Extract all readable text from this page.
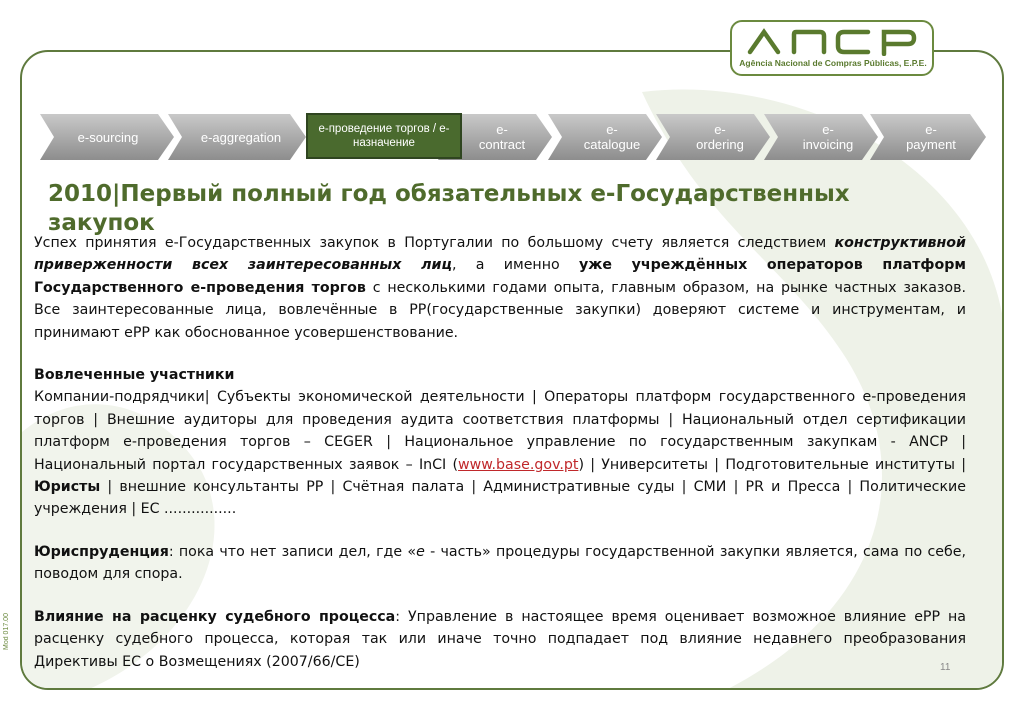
Agência Nacional de Compras Públicas, E.P.E.
e-sourcing	e-aggregation	e-
contract
e-
catalogue
e-
ordering
e-
invoicing
e-
payment
е-проведение торгов / е-назначение
2010|Первый полный год обязательных е-Государственных закупок

Успех принятия е-Государственных закупок в Португалии по большому счету является следствием конструктивной приверженности всех заинтересованных лиц, а именно уже учреждённых операторов платформ Государственного е-проведения торгов с несколькими годами опыта, главным образом, на рынке частных заказов. Все заинтересованные лица, вовлечённые в РР(государственные закупки) доверяют системе и инструментам, и принимают ePP как обоснованное усовершенствование.

Вовлеченные участники

Компании-подрядчики| Субъекты экономической деятельности | Операторы платформ государственного е-проведения торгов | Внешние аудиторы для проведения аудита соответствия платформы | Национальный отдел сертификации платформ е-проведения торгов – CEGER | Национальное управление по государственным закупкам - ANCP | Национальный портал государственных заявок – InCI (www.base.gov.pt) | Университеты | Подготовительные институты | Юристы | внешние консультанты РР | Счётная палата | Административные суды | СМИ | PR и Пресса | Политические учреждения | ЕС ................

Юриспруденция: пока что нет записи дел, где «е - часть» процедуры государственной закупки является, сама по себе, поводом для спора.

Влияние на расценку судебного процесса: Управление в настоящее время оценивает возможное влияние ePP на расценку судебного процесса, которая так или иначе точно подпадает под влияние недавнего преобразования Директивы ЕС о Возмещениях (2007/66/CE)	11
Mod 017.00
